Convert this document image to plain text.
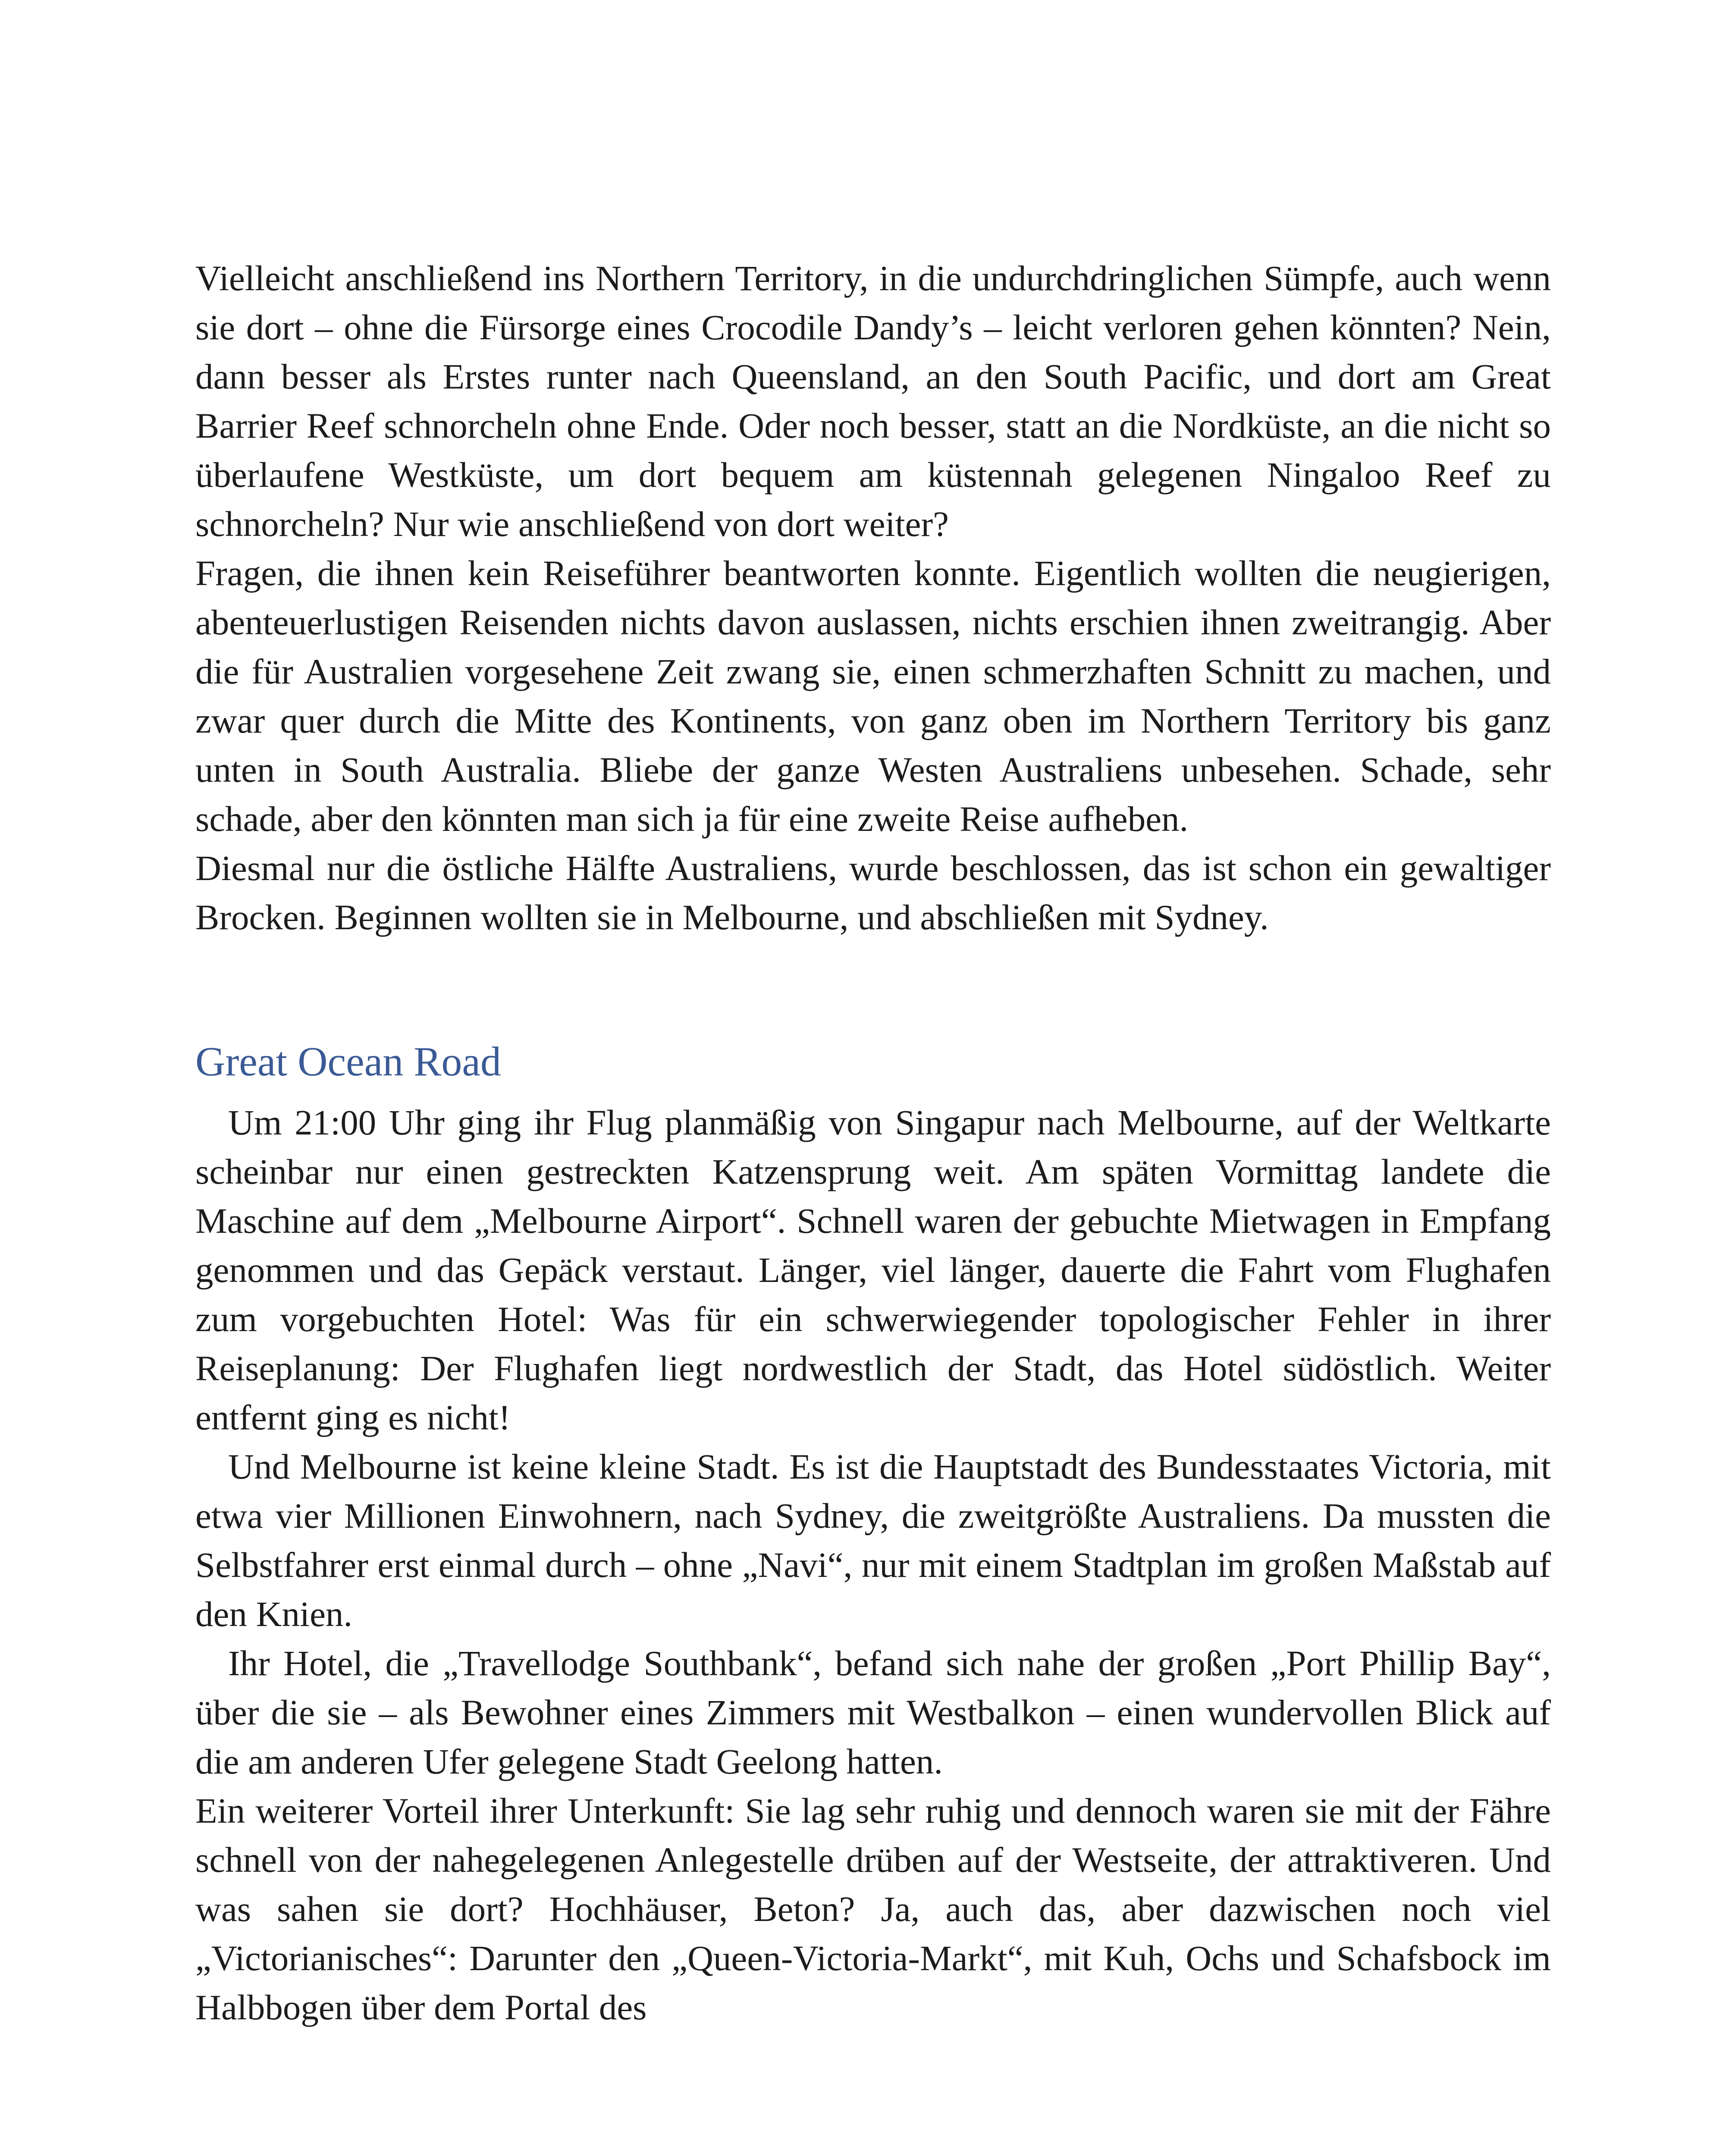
Vielleicht anschließend ins Northern Territory, in die undurchdringlichen Sümpfe, auch wenn sie dort – ohne die Fürsorge eines Crocodile Dandy’s – leicht verloren gehen könnten? Nein, dann besser als Erstes runter nach Queensland, an den South Pacific, und dort am Great Barrier Reef schnorcheln ohne Ende. Oder noch besser, statt an die Nordküste, an die nicht so überlaufene Westküste, um dort bequem am küstennah gelegenen Ningaloo Reef zu schnorcheln? Nur wie anschließend von dort weiter?

Fragen, die ihnen kein Reiseführer beantworten konnte. Eigentlich wollten die neugierigen, abenteuerlustigen Reisenden nichts davon auslassen, nichts erschien ihnen zweitrangig. Aber die für Australien vorgesehene Zeit zwang sie, einen schmerzhaften Schnitt zu machen, und zwar quer durch die Mitte des Kontinents, von ganz oben im Northern Territory bis ganz unten in South Australia. Bliebe der ganze Westen Australiens unbesehen. Schade, sehr schade, aber den könnten man sich ja für eine zweite Reise aufheben.

Diesmal nur die östliche Hälfte Australiens, wurde beschlossen, das ist schon ein gewaltiger Brocken. Beginnen wollten sie in Melbourne, und abschließen mit Sydney.

Great Ocean Road

Um 21:00 Uhr ging ihr Flug planmäßig von Singapur nach Melbourne, auf der Weltkarte scheinbar nur einen gestreckten Katzensprung weit. Am späten Vormittag landete die Maschine auf dem „Melbourne Airport“. Schnell waren der gebuchte Mietwagen in Empfang genommen und das Gepäck verstaut. Länger, viel länger, dauerte die Fahrt vom Flughafen zum vorgebuchten Hotel: Was für ein schwerwiegender topologischer Fehler in ihrer Reiseplanung: Der Flughafen liegt nordwestlich der Stadt, das Hotel südöstlich. Weiter entfernt ging es nicht!

Und Melbourne ist keine kleine Stadt. Es ist die Hauptstadt des Bundesstaates Victoria, mit etwa vier Millionen Einwohnern, nach Sydney, die zweitgrößte Australiens. Da mussten die Selbstfahrer erst einmal durch – ohne „Navi“, nur mit einem Stadtplan im großen Maßstab auf den Knien.

Ihr Hotel, die „Travellodge Southbank“, befand sich nahe der großen „Port Phillip Bay“, über die sie – als Bewohner eines Zimmers mit Westbalkon – einen wundervollen Blick auf die am anderen Ufer gelegene Stadt Geelong hatten.

Ein weiterer Vorteil ihrer Unterkunft: Sie lag sehr ruhig und dennoch waren sie mit der Fähre schnell von der nahegelegenen Anlegestelle drüben auf der Westseite, der attraktiveren. Und was sahen sie dort? Hochhäuser, Beton? Ja, auch das, aber dazwischen noch viel „Victorianisches“: Darunter den „Queen-Victoria-Markt“, mit Kuh, Ochs und Schafsbock im Halbbogen über dem Portal des
